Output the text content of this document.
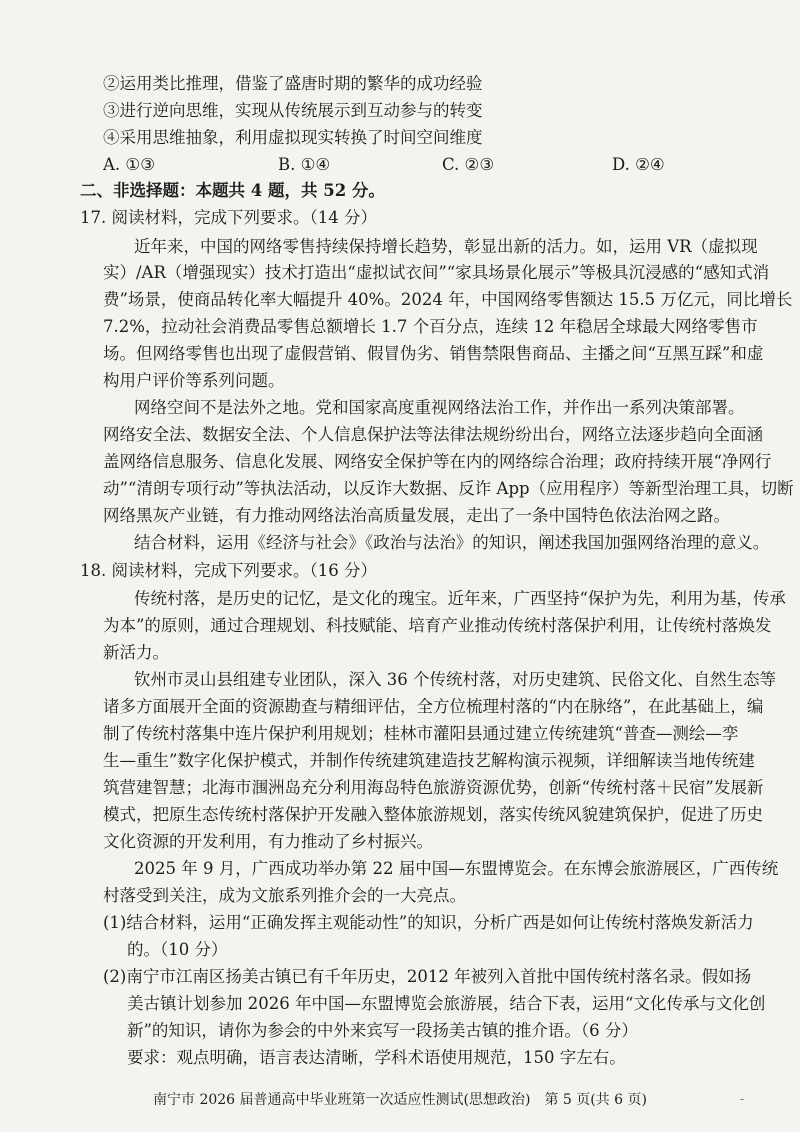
②运用类比推理，借鉴了盛唐时期的繁华的成功经验
③进行逆向思维，实现从传统展示到互动参与的转变
④采用思维抽象，利用虚拟现实转换了时间空间维度
A. ①③	B. ①④	C. ②③	D. ②④
二、非选择题：本题共 4 题，共 52 分。
17. 阅读材料，完成下列要求。（14 分）
近年来，中国的网络零售持续保持增长趋势，彰显出新的活力。如，运用 VR（虚拟现
实）/AR（增强现实）技术打造出“虚拟试衣间”“家具场景化展示”等极具沉浸感的“感知式消
费”场景，使商品转化率大幅提升 40%。2024 年，中国网络零售额达 15.5 万亿元，同比增长
7.2%，拉动社会消费品零售总额增长 1.7 个百分点，连续 12 年稳居全球最大网络零售市
场。但网络零售也出现了虚假营销、假冒伪劣、销售禁限售商品、主播之间“互黑互踩”和虚
构用户评价等系列问题。
网络空间不是法外之地。党和国家高度重视网络法治工作，并作出一系列决策部署。
网络安全法、数据安全法、个人信息保护法等法律法规纷纷出台，网络立法逐步趋向全面涵
盖网络信息服务、信息化发展、网络安全保护等在内的网络综合治理；政府持续开展“净网行
动”“清朗专项行动”等执法活动，以反诈大数据、反诈 App（应用程序）等新型治理工具，切断
网络黑灰产业链，有力推动网络法治高质量发展，走出了一条中国特色依法治网之路。
结合材料，运用《经济与社会》《政治与法治》的知识，阐述我国加强网络治理的意义。
18. 阅读材料，完成下列要求。（16 分）
传统村落，是历史的记忆，是文化的瑰宝。近年来，广西坚持“保护为先，利用为基，传承
为本”的原则，通过合理规划、科技赋能、培育产业推动传统村落保护利用，让传统村落焕发
新活力。
钦州市灵山县组建专业团队，深入 36 个传统村落，对历史建筑、民俗文化、自然生态等
诸多方面展开全面的资源勘查与精细评估，全方位梳理村落的“内在脉络”，在此基础上，编
制了传统村落集中连片保护利用规划；桂林市灌阳县通过建立传统建筑“普查—测绘—孪
生—重生”数字化保护模式，并制作传统建筑建造技艺解构演示视频，详细解读当地传统建
筑营建智慧；北海市涠洲岛充分利用海岛特色旅游资源优势，创新“传统村落＋民宿”发展新
模式，把原生态传统村落保护开发融入整体旅游规划，落实传统风貌建筑保护，促进了历史
文化资源的开发利用，有力推动了乡村振兴。
2025 年 9 月，广西成功举办第 22 届中国—东盟博览会。在东博会旅游展区，广西传统
村落受到关注，成为文旅系列推介会的一大亮点。
(1)结合材料，运用“正确发挥主观能动性”的知识，分析广西是如何让传统村落焕发新活力
的。（10 分）
(2)南宁市江南区扬美古镇已有千年历史，2012 年被列入首批中国传统村落名录。假如扬
美古镇计划参加 2026 年中国—东盟博览会旅游展，结合下表，运用“文化传承与文化创
新”的知识，请你为参会的中外来宾写一段扬美古镇的推介语。（6 分）
要求：观点明确，语言表达清晰，学科术语使用规范，150 字左右。
南宁市 2026 届普通高中毕业班第一次适应性测试(思想政治)　第 5 页(共 6 页)	-
